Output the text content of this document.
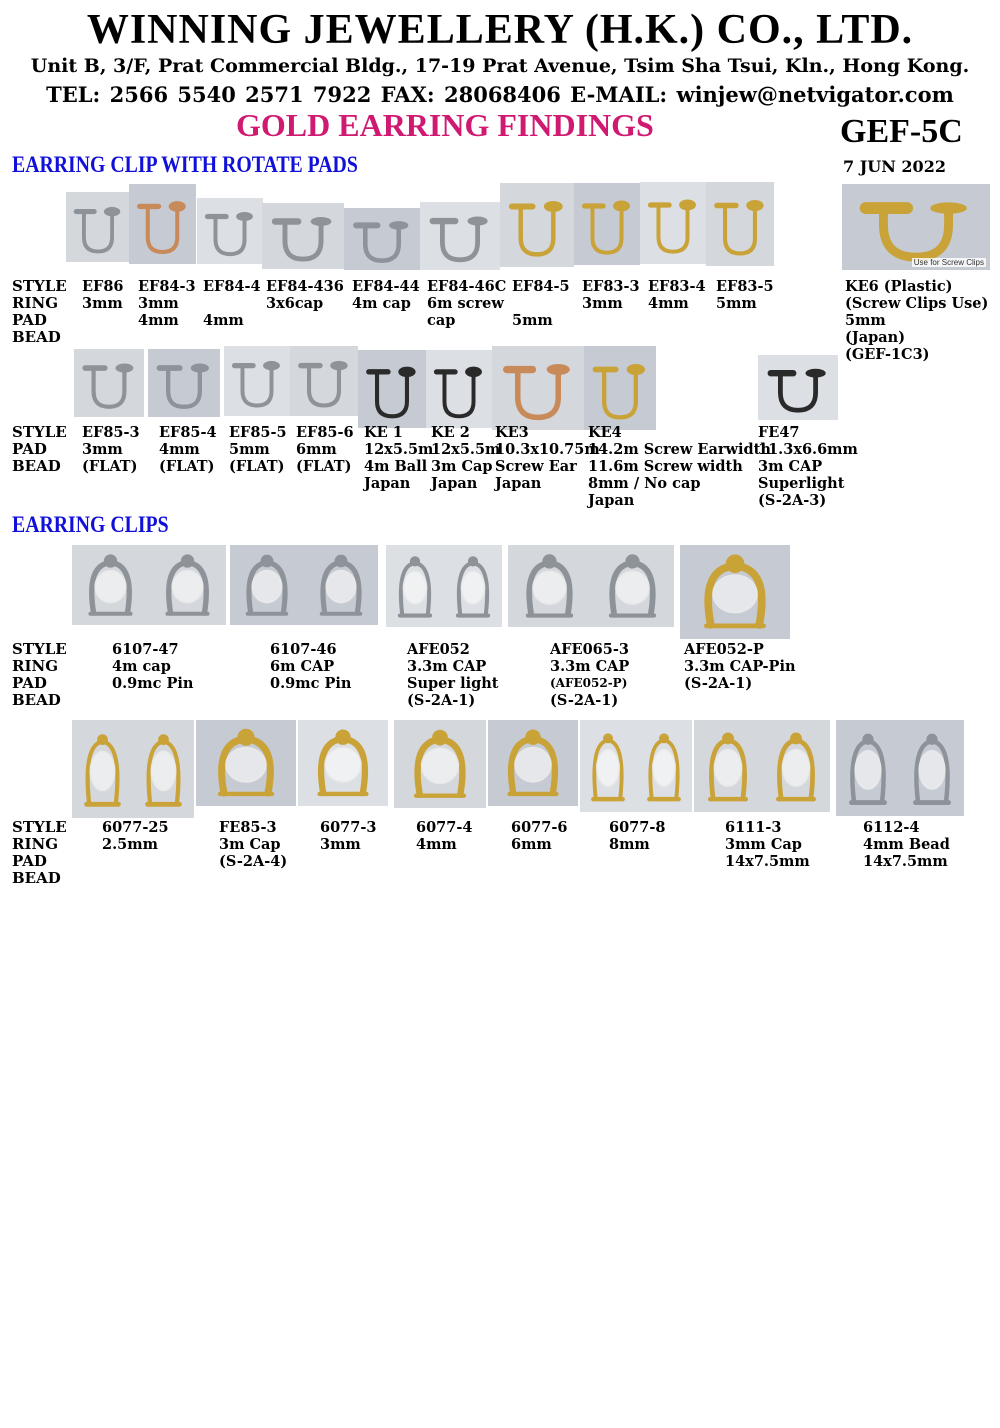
WINNING JEWELLERY (H.K.) CO., LTD.
Unit B, 3/F, Prat Commercial Bldg., 17-19 Prat Avenue, Tsim Sha Tsui, Kln., Hong Kong.
TEL: 2566 5540 2571 7922 FAX: 28068406 E-MAIL: winjew@netvigator.com
GOLD EARRING FINDINGS	GEF-5C
7 JUN 2022
EARRING CLIP WITH ROTATE PADS
STYLE
RING
PAD
BEAD
EF86
3mm
EF84-3
3mm
4mm
EF84-4
4mm
EF84-436
3x6cap
EF84-44
4m cap
EF84-46C
6m screw
cap
EF84-5
5mm
EF83-3
3mm
EF83-4
4mm
EF83-5
5mm
Use for Screw Clips
KE6 (Plastic)
(Screw Clips Use)
5mm
(Japan)
(GEF-1C3)
STYLE
PAD
BEAD
EF85-3
3mm
(FLAT)
EF85-4
4mm
(FLAT)
EF85-5
5mm
(FLAT)
EF85-6
6mm
(FLAT)
KE 1
12x5.5m
4m Ball
Japan
KE 2
12x5.5m
3m Cap
Japan
KE3
10.3x10.75m
Screw Ear
Japan
KE4
14.2m Screw Earwidth
11.6m Screw width
8mm / No cap
Japan
FE47
11.3x6.6mm
3m CAP
Superlight
(S-2A-3)
EARRING CLIPS
STYLE
RING
PAD
BEAD
6107-47
4m cap
0.9mc Pin
6107-46
6m CAP
0.9mc Pin
AFE052
3.3m CAP
Super light
(S-2A-1)
AFE065-3
3.3m CAP
(AFE052-P)
(S-2A-1)
AFE052-P
3.3m CAP-Pin
(S-2A-1)
STYLE
RING
PAD
BEAD
6077-25
2.5mm
FE85-3
3m Cap
(S-2A-4)
6077-3
3mm
6077-4
4mm
6077-6
6mm
6077-8
8mm
6111-3
3mm Cap
14x7.5mm
6112-4
4mm Bead
14x7.5mm
